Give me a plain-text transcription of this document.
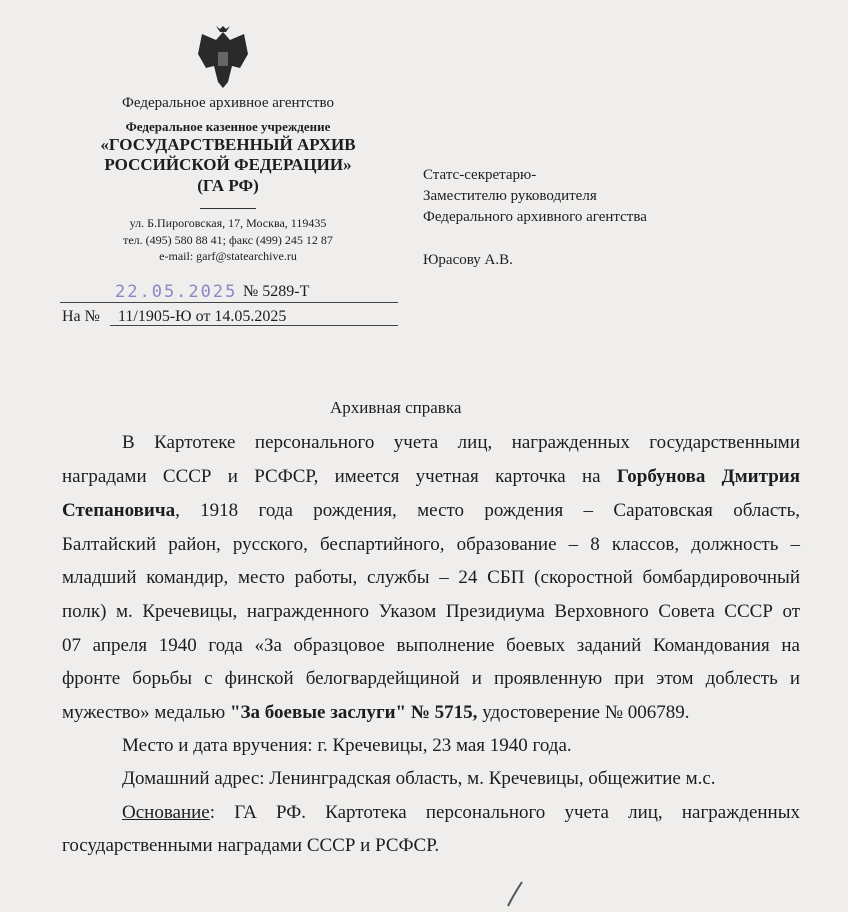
Федеральное архивное агентство
Федеральное казенное учреждение
«ГОСУДАРСТВЕННЫЙ АРХИВ
РОССИЙСКОЙ ФЕДЕРАЦИИ»
(ГА РФ)
ул. Б.Пироговская, 17, Москва, 119435
тел. (495) 580 88 41; факс (499) 245 12 87
e-mail: garf@statearchive.ru
22.05.2025 № 5289-Т
На № 11/1905-Ю от 14.05.2025
Статс-секретарю-
Заместителю руководителя
Федерального архивного агентства
Юрасову А.В.
Архивная справка
В Картотеке персонального учета лиц, награжденных государственными
наградами СССР и РСФСР, имеется учетная карточка на Горбунова Дмитрия
Степановича, 1918 года рождения, место рождения – Саратовская область,
Балтайский район, русского, беспартийного, образование – 8 классов, должность –
младший командир, место работы, службы – 24 СБП (скоростной бомбардировочный
полк) м. Кречевицы, награжденного Указом Президиума Верховного Совета СССР от
07 апреля 1940 года «За образцовое выполнение боевых заданий Командования на
фронте борьбы с финской белогвардейщиной и проявленную при этом доблесть и
мужество» медалью "За боевые заслуги" № 5715, удостоверение № 006789.
Место и дата вручения: г. Кречевицы, 23 мая 1940 года.
Домашний адрес: Ленинградская область, м. Кречевицы, общежитие м.с.
Основание: ГА РФ. Картотека персонального учета лиц, награжденных
государственными наградами СССР и РСФСР.
